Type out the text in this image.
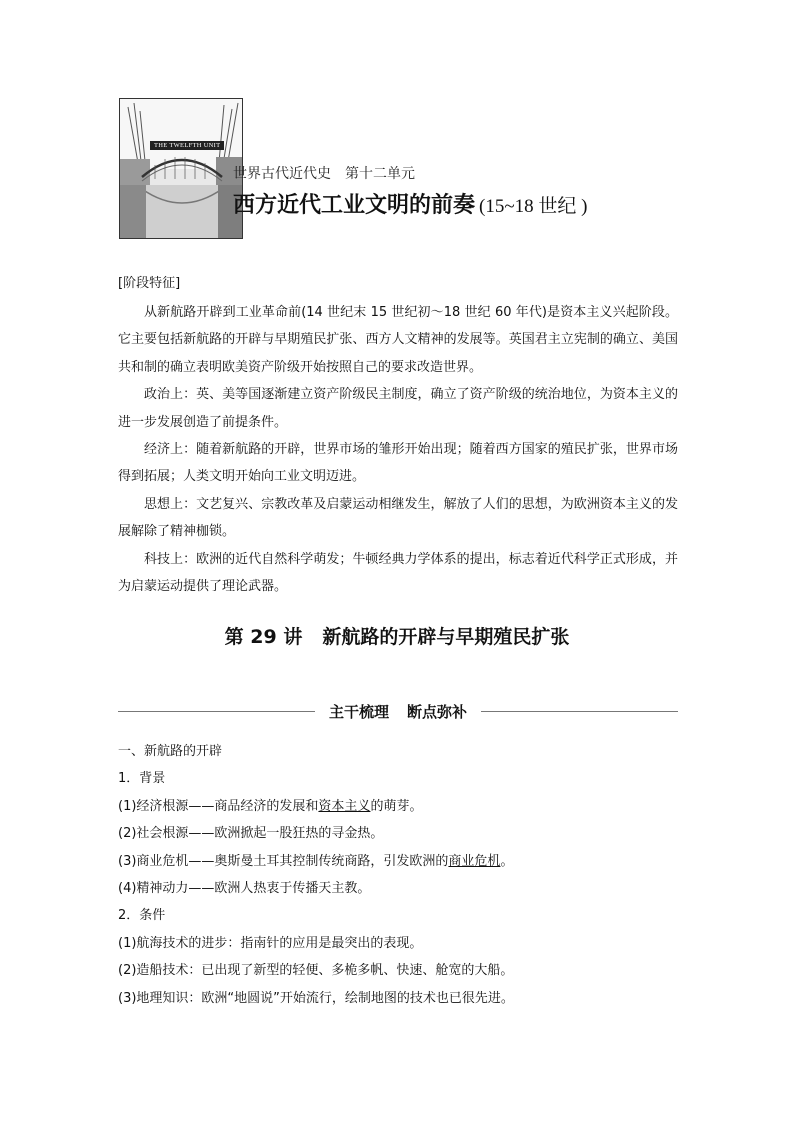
THE TWELFTH UNIT
世界古代近代史　第十二单元
西方近代工业文明的前奏 (15~18 世纪 )
[阶段特征]

从新航路开辟到工业革命前(14 世纪末 15 世纪初～18 世纪 60 年代)是资本主义兴起阶段。它主要包括新航路的开辟与早期殖民扩张、西方人文精神的发展等。英国君主立宪制的确立、美国共和制的确立表明欧美资产阶级开始按照自己的要求改造世界。

政治上：英、美等国逐渐建立资产阶级民主制度，确立了资产阶级的统治地位，为资本主义的进一步发展创造了前提条件。

经济上：随着新航路的开辟，世界市场的雏形开始出现；随着西方国家的殖民扩张，世界市场得到拓展；人类文明开始向工业文明迈进。

思想上：文艺复兴、宗教改革及启蒙运动相继发生，解放了人们的思想，为欧洲资本主义的发展解除了精神枷锁。

科技上：欧洲的近代自然科学萌发；牛顿经典力学体系的提出，标志着近代科学正式形成，并为启蒙运动提供了理论武器。

第 29 讲 新航路的开辟与早期殖民扩张
主干梳理 断点弥补

一、新航路的开辟

1．背景

(1)经济根源——商品经济的发展和资本主义的萌芽。

(2)社会根源——欧洲掀起一股狂热的寻金热。

(3)商业危机——奥斯曼土耳其控制传统商路，引发欧洲的商业危机。

(4)精神动力——欧洲人热衷于传播天主教。

2．条件

(1)航海技术的进步：指南针的应用是最突出的表现。

(2)造船技术：已出现了新型的轻便、多桅多帆、快速、舱宽的大船。

(3)地理知识：欧洲“地圆说”开始流行，绘制地图的技术也已很先进。
